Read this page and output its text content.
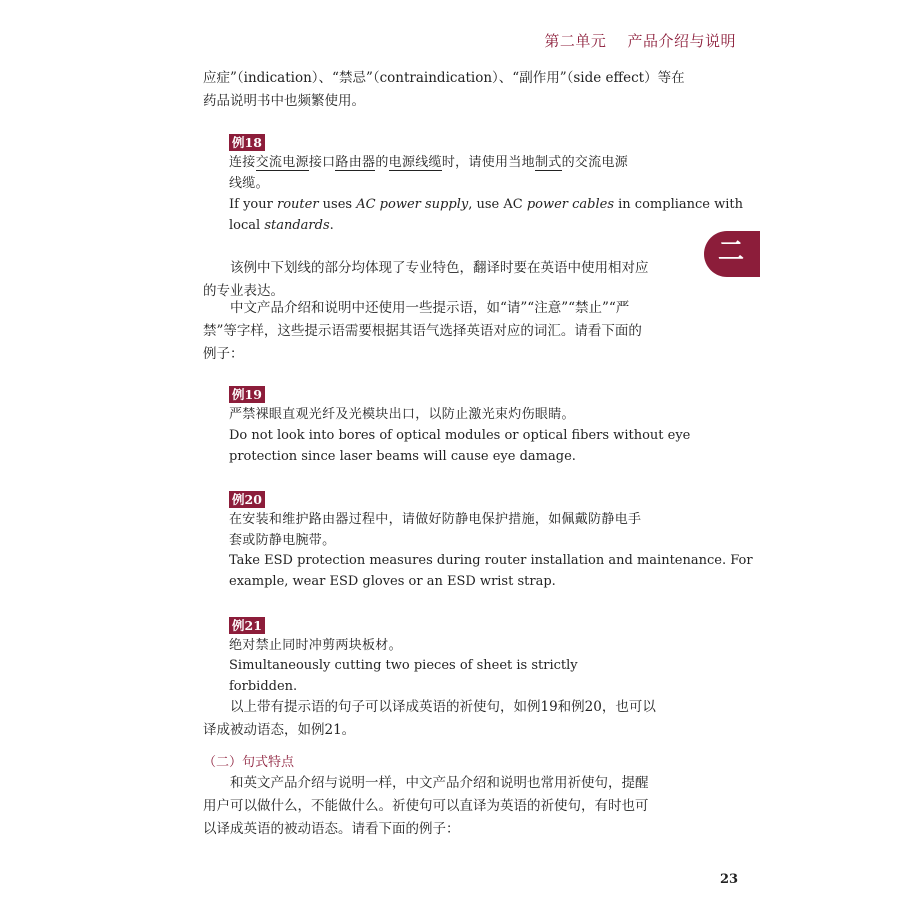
第二单元 产品介绍与说明
二
应症”（indication）、“禁忌”（contraindication）、“副作用”（side effect）等在
药品说明书中也频繁使用。
例18
连接交流电源接口路由器的电源线缆时，请使用当地制式的交流电源
线缆。
If your router uses AC power supply, use AC power cables in compliance with
local standards.
该例中下划线的部分均体现了专业特色，翻译时要在英语中使用相对应
的专业表达。
中文产品介绍和说明中还使用一些提示语，如“请”“注意”“禁止”“严
禁”等字样，这些提示语需要根据其语气选择英语对应的词汇。请看下面的
例子：
例19
严禁裸眼直观光纤及光模块出口，以防止激光束灼伤眼睛。
Do not look into bores of optical modules or optical fibers without eye
protection since laser beams will cause eye damage.
例20
在安装和维护路由器过程中，请做好防静电保护措施，如佩戴防静电手
套或防静电腕带。
Take ESD protection measures during router installation and maintenance. For
example, wear ESD gloves or an ESD wrist strap.
例21
绝对禁止同时冲剪两块板材。
Simultaneously cutting two pieces of sheet is strictly forbidden.
以上带有提示语的句子可以译成英语的祈使句，如例19和例20，也可以
译成被动语态，如例21。
（二）句式特点
和英文产品介绍与说明一样，中文产品介绍和说明也常用祈使句，提醒
用户可以做什么，不能做什么。祈使句可以直译为英语的祈使句，有时也可
以译成英语的被动语态。请看下面的例子：
23
